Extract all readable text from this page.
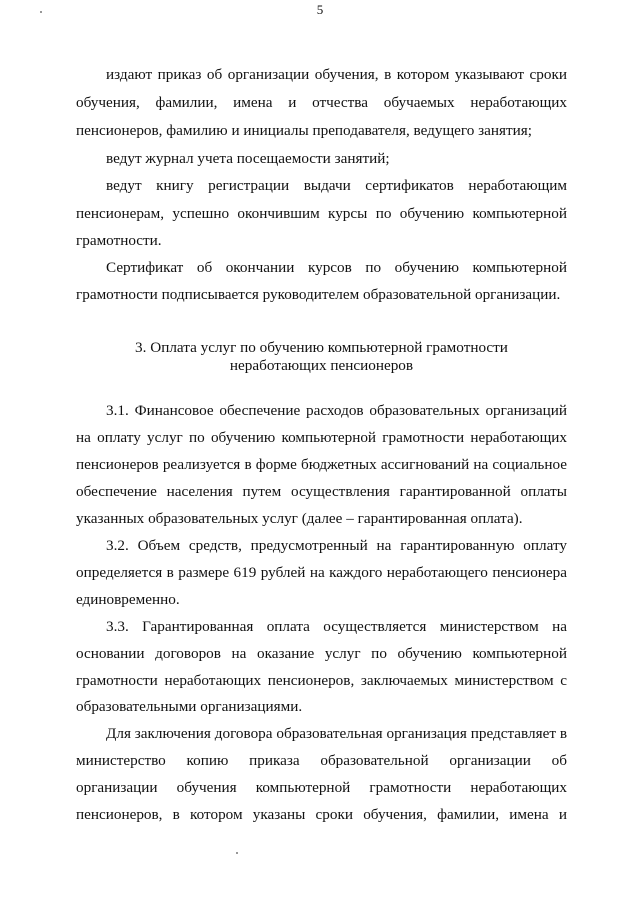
5
издают приказ об организации обучения, в котором указывают сроки
обучения, фамилии, имена и отчества обучаемых неработающих
пенсионеров, фамилию и инициалы преподавателя, ведущего занятия;
ведут журнал учета посещаемости занятий;
ведут книгу регистрации выдачи сертификатов неработающим
пенсионерам, успешно окончившим курсы по обучению компьютерной
грамотности.
Сертификат об окончании курсов по обучению компьютерной
грамотности подписывается руководителем образовательной организации.
3. Оплата услуг по обучению компьютерной грамотности
неработающих пенсионеров
3.1. Финансовое обеспечение расходов образовательных организаций
на оплату услуг по обучению компьютерной грамотности неработающих
пенсионеров реализуется в форме бюджетных ассигнований на социальное
обеспечение населения путем осуществления гарантированной оплаты
указанных образовательных услуг (далее – гарантированная оплата).
3.2. Объем средств, предусмотренный на гарантированную оплату
определяется в размере 619 рублей на каждого неработающего пенсионера
единовременно.
3.3. Гарантированная оплата осуществляется министерством на
основании договоров на оказание услуг по обучению компьютерной
грамотности неработающих пенсионеров, заключаемых министерством с
образовательными организациями.
Для заключения договора образовательная организация представляет в
министерство копию приказа образовательной организации об
организации обучения компьютерной грамотности неработающих
пенсионеров, в котором указаны сроки обучения, фамилии, имена и
